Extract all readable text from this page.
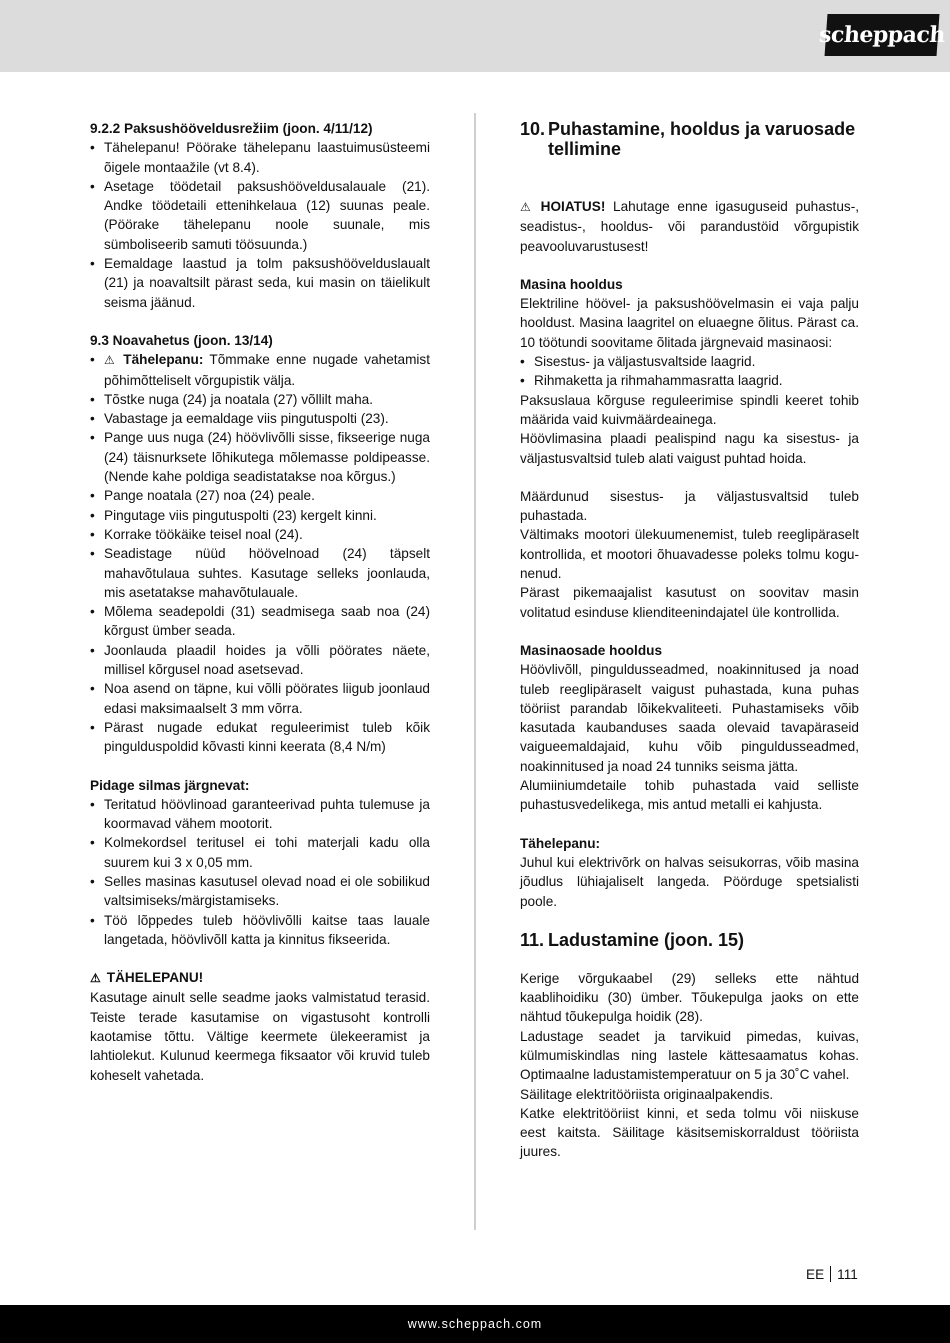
scheppach

9.2.2 Paksushööveldusrežiim (joon. 4/11/12)

• Tähelepanu! Pöörake tähelepanu laastuimusüsteemi õigele montaažile (vt 8.4).
• Asetage töödetail paksushööveldusalauale (21). Andke töödetaili ettenihkelaua (12) suunas peale. (Pöörake tähelepanu noole suunale, mis sümboliseerib samuti töösuunda.)
• Eemaldage laastud ja tolm paksushöövelduslaualt (21) ja noavaltsilt pärast seda, kui masin on täielikult seisma jäänud.

9.3 Noavahetus (joon. 13/14)

• ⚠ Tähelepanu: Tõmmake enne nugade vahetamist põhimõtteliselt võrgupistik välja.
• Tõstke nuga (24) ja noatala (27) võllilt maha.
• Vabastage ja eemaldage viis pingutuspolti (23).
• Pange uus nuga (24) höövlivõlli sisse, fikseerige nuga (24) täisnurksete lõhikutega mõlemasse poldipeasse. (Nende kahe poldiga seadistatakse noa kõrgus.)
• Pange noatala (27) noa (24) peale.
• Pingutage viis pingutuspolti (23) kergelt kinni.
• Korrake töökäike teisel noal (24).
• Seadistage nüüd höövelnoad (24) täpselt mahavõtulaua suhtes. Kasutage selleks joonlauda, mis asetatakse mahavõtulauale.
• Mõlema seadepoldi (31) seadmisega saab noa (24) kõrgust ümber seada.
• Joonlauda plaadil hoides ja võlli pöörates näete, millisel kõrgusel noad asetsevad.
• Noa asend on täpne, kui võlli pöörates liigub joonlaud edasi maksimaalselt 3 mm võrra.
• Pärast nugade edukat reguleerimist tuleb kõik pingulduspoldid kõvasti kinni keerata (8,4 N/m)

Pidage silmas järgnevat:

• Teritatud höövlinoad garanteerivad puhta tulemuse ja koormavad vähem mootorit.
• Kolmekordsel teritusel ei tohi materjali kadu olla suurem kui 3 x 0,05 mm.
• Selles masinas kasutusel olevad noad ei ole sobilikud valtsimiseks/märgistamiseks.
• Töö lõppedes tuleb höövlivõlli kaitse taas lauale langetada, höövlivõll katta ja kinnitus fikseerida.

⚠ TÄHELEPANU!

Kasutage ainult selle seadme jaoks valmistatud terasid. Teiste terade kasutamise on vigastusoht kontrolli kaotamise tõttu. Vältige keermete ülekeeramist ja lahtiolekut. Kulunud keermega fiksaator või kruvid tuleb koheselt vahetada.

10. Puhastamine, hooldus ja varuosade tellimine

⚠ HOIATUS! Lahutage enne igasuguseid puhastus-, seadistus-, hooldus- või parandustöid võrgupistik peavooluvarustusest!

Masina hooldus

Elektriline höövel- ja paksushöövelmasin ei vaja palju hooldust. Masina laagritel on eluaegne õlitus. Pärast ca. 10 töötundi soovitame õlitada järgnevaid masinaosi:

• Sisestus- ja väljastusvaltside laagrid.
• Rihmaketta ja rihmahammasratta laagrid.

Paksuslaua kõrguse reguleerimise spindli keeret tohib määrida vaid kuivmäärdeainega.

Höövlimasina plaadi pealispind nagu ka sisestus- ja väljastusvaltsid tuleb alati vaigust puhtad hoida.

Määrdunud sisestus- ja väljastusvaltsid tuleb puhastada.

Vältimaks mootori ülekuumenemist, tuleb reeglipäraselt kontrollida, et mootori õhuavadesse poleks tolmu kogu-nenud.

Pärast pikemaajalist kasutust on soovitav masin volitatud esinduse klienditeenindajatel üle kontrollida.

Masinaosade hooldus

Höövlivõll, pinguldusseadmed, noakinnitused ja noad tuleb reeglipäraselt vaigust puhastada, kuna puhas tööriist parandab lõikekvaliteeti. Puhastamiseks võib kasutada kaubanduses saada olevaid tavapäraseid vaigueemaldajaid, kuhu võib pinguldusseadmed, noakinnitused ja noad 24 tunniks seisma jätta.

Alumiiniumdetaile tohib puhastada vaid selliste puhastusvedelikega, mis antud metalli ei kahjusta.

Tähelepanu:

Juhul kui elektrivõrk on halvas seisukorras, võib masina jõudlus lühiajaliselt langeda. Pöörduge spetsialisti poole.

11. Ladustamine (joon. 15)

Kerige võrgukaabel (29) selleks ette nähtud kaablihoidiku (30) ümber. Tõukepulga jaoks on ette nähtud tõukepulga hoidik (28).

Ladustage seadet ja tarvikuid pimedas, kuivas, külmumiskindlas ning lastele kättesaamatus kohas. Optimaalne ladustamistemperatuur on 5 ja 30˚C vahel.

Säilitage elektritööriista originaalpakendis.

Katke elektritööriist kinni, et seda tolmu või niiskuse eest kaitsta. Säilitage käsitsemiskorraldust tööriista juures.

EE 111
www.scheppach.com
